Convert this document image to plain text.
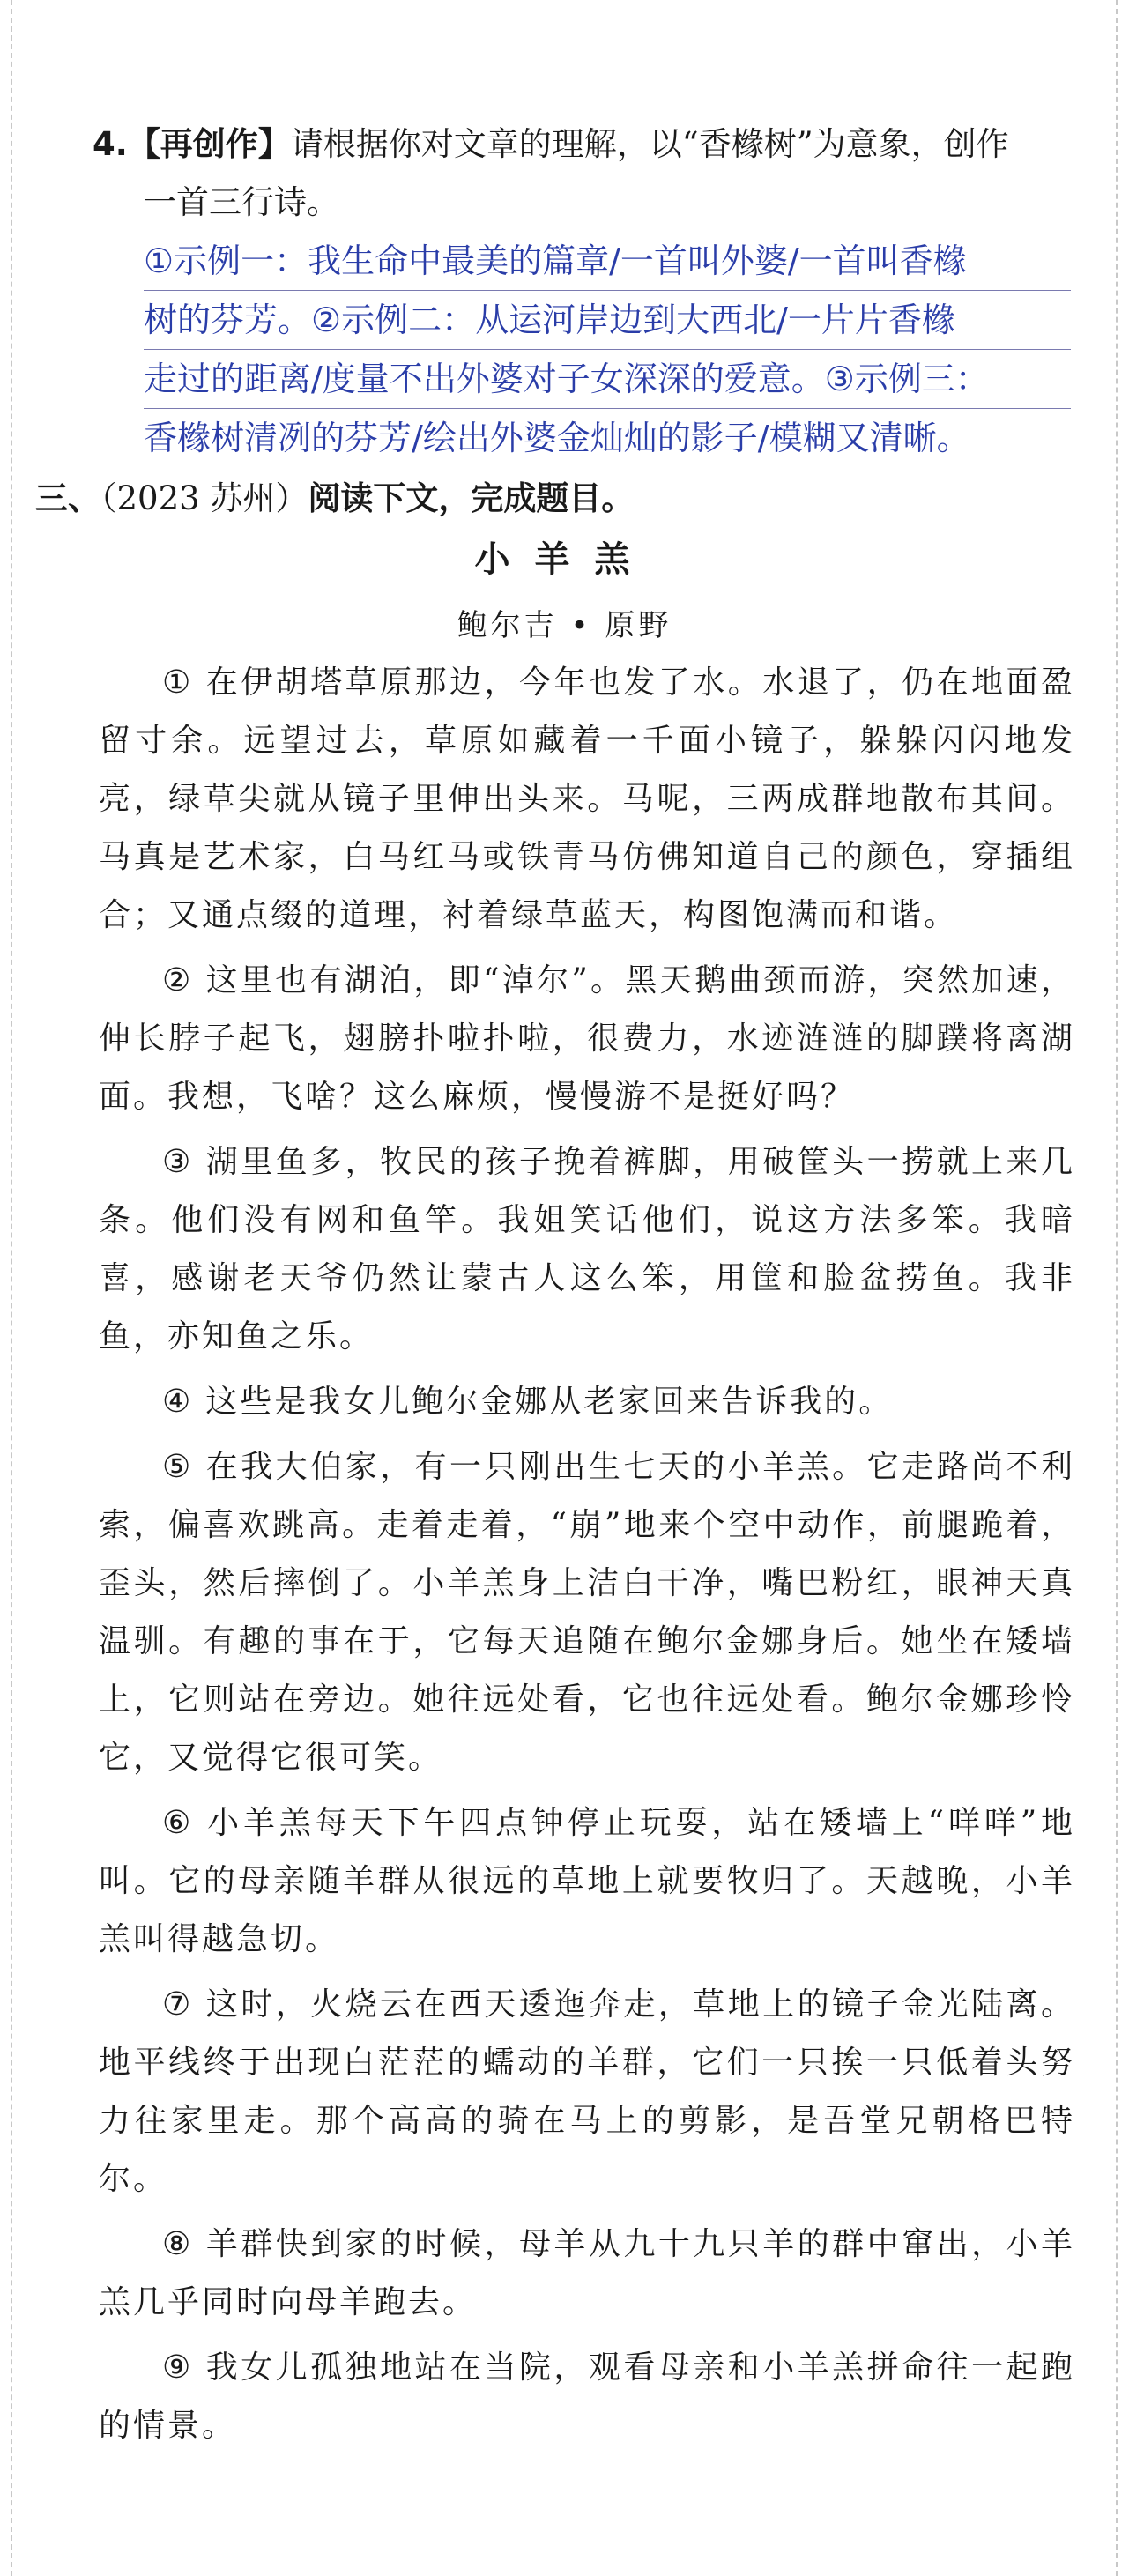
4.【再创作】请根据你对文章的理解，以“香橼树”为意象，创作
一首三行诗。
①示例一：我生命中最美的篇章/一首叫外婆/一首叫香橼
树的芬芳。②示例二：从运河岸边到大西北/一片片香橼
走过的距离/度量不出外婆对子女深深的爱意。③示例三：
香橼树清冽的芬芳/绘出外婆金灿灿的影子/模糊又清晰。
三、（2023 苏州）阅读下文，完成题目。
小羊羔
鲍尔吉 • 原野

① 在伊胡塔草原那边，今年也发了水。水退了，仍在地面盈留寸余。远望过去，草原如藏着一千面小镜子，躲躲闪闪地发亮，绿草尖就从镜子里伸出头来。马呢，三两成群地散布其间。马真是艺术家，白马红马或铁青马仿佛知道自己的颜色，穿插组合；又通点缀的道理，衬着绿草蓝天，构图饱满而和谐。

② 这里也有湖泊，即“淖尔”。黑天鹅曲颈而游，突然加速，伸长脖子起飞，翅膀扑啦扑啦，很费力，水迹涟涟的脚蹼将离湖面。我想，飞啥？这么麻烦，慢慢游不是挺好吗？

③ 湖里鱼多，牧民的孩子挽着裤脚，用破筐头一捞就上来几条。他们没有网和鱼竿。我姐笑话他们，说这方法多笨。我暗喜，感谢老天爷仍然让蒙古人这么笨，用筐和脸盆捞鱼。我非鱼，亦知鱼之乐。

④ 这些是我女儿鲍尔金娜从老家回来告诉我的。

⑤ 在我大伯家，有一只刚出生七天的小羊羔。它走路尚不利索，偏喜欢跳高。走着走着，“崩”地来个空中动作，前腿跪着，歪头，然后摔倒了。小羊羔身上洁白干净，嘴巴粉红，眼神天真温驯。有趣的事在于，它每天追随在鲍尔金娜身后。她坐在矮墙上，它则站在旁边。她往远处看，它也往远处看。鲍尔金娜珍怜它，又觉得它很可笑。

⑥ 小羊羔每天下午四点钟停止玩耍，站在矮墙上“咩咩”地叫。它的母亲随羊群从很远的草地上就要牧归了。天越晚，小羊羔叫得越急切。

⑦ 这时，火烧云在西天逶迤奔走，草地上的镜子金光陆离。地平线终于出现白茫茫的蠕动的羊群，它们一只挨一只低着头努力往家里走。那个高高的骑在马上的剪影，是吾堂兄朝格巴特尔。

⑧ 羊群快到家的时候，母羊从九十九只羊的群中窜出，小羊羔几乎同时向母羊跑去。

⑨ 我女儿孤独地站在当院，观看母亲和小羊羔拼命往一起跑的情景。
